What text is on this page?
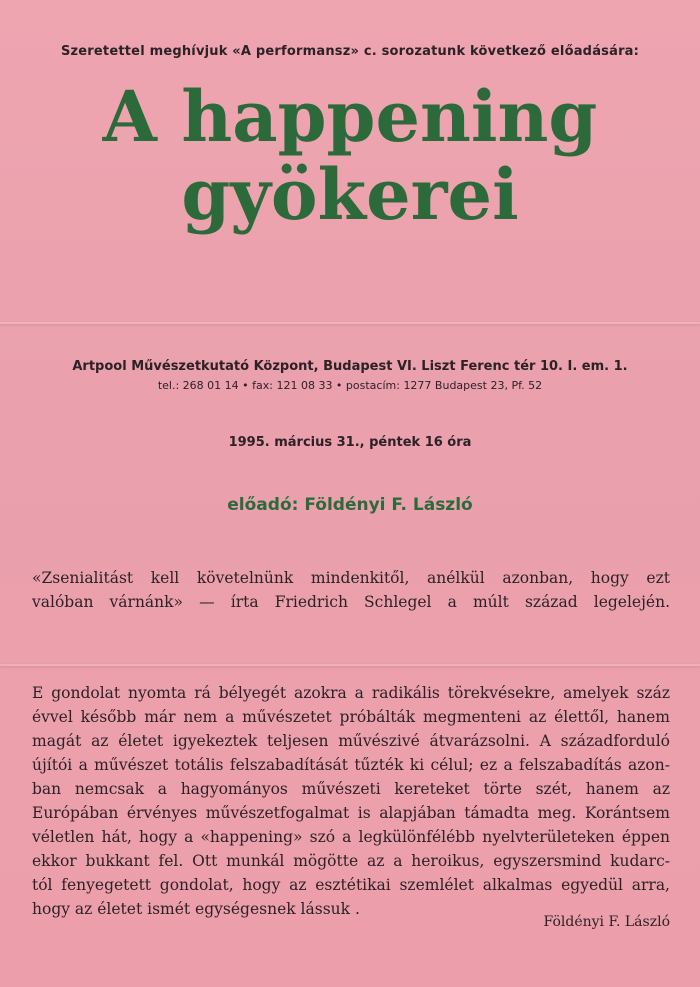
Szeretettel meghívjuk «A performansz» c. sorozatunk következő előadására:
A happening
gyökerei
Artpool Művészetkutató Központ, Budapest VI. Liszt Ferenc tér 10. I. em. 1.
tel.: 268 01 14 • fax: 121 08 33 • postacím: 1277 Budapest 23, Pf. 52
1995. március 31., péntek 16 óra
előadó: Földényi F. László
«Zsenialitást kell követelnünk mindenkitől, anélkül azonban, hogy ezt
valóban várnánk» — írta Friedrich Schlegel a múlt század legelején.
E gondolat nyomta rá bélyegét azokra a radikális törekvésekre, amelyek száz
évvel később már nem a művészetet próbálták megmenteni az élettől, hanem
magát az életet igyekeztek teljesen művészivé átvarázsolni. A századforduló
újítói a művészet totális felszabadítását tűzték ki célul; ez a felszabadítás azon-
ban nemcsak a hagyományos művészeti kereteket törte szét, hanem az
Európában érvényes művészetfogalmat is alapjában támadta meg. Korántsem
véletlen hát, hogy a «happening» szó a legkülönfélébb nyelvterületeken éppen
ekkor bukkant fel. Ott munkál mögötte az a heroikus, egyszersmind kudarc-
tól fenyegetett gondolat, hogy az esztétikai szemlélet alkalmas egyedül arra,
hogy az életet ismét egységesnek lássuk .
Földényi F. László
